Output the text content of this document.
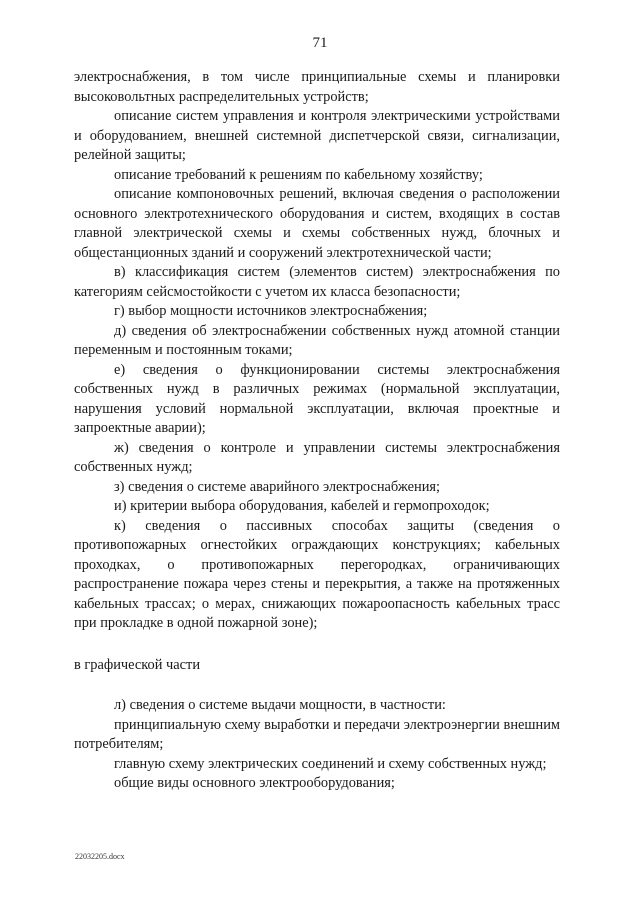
71

электроснабжения, в том числе принципиальные схемы и планировки высоковольтных распределительных устройств;

описание систем управления и контроля электрическими устройствами и оборудованием, внешней системной диспетчерской связи, сигнализации, релейной защиты;

описание требований к решениям по кабельному хозяйству;

описание компоновочных решений, включая сведения о расположении основного электротехнического оборудования и систем, входящих в состав главной электрической схемы и схемы собственных нужд, блочных и общестанционных зданий и сооружений электротехнической части;

в) классификация систем (элементов систем) электроснабжения по категориям сейсмостойкости с учетом их класса безопасности;

г) выбор мощности источников электроснабжения;

д) сведения об электроснабжении собственных нужд атомной станции переменным и постоянным токами;

е) сведения о функционировании системы электроснабжения собственных нужд в различных режимах (нормальной эксплуатации, нарушения условий нормальной эксплуатации, включая проектные и запроектные аварии);

ж) сведения о контроле и управлении системы электроснабжения собственных нужд;

з) сведения о системе аварийного электроснабжения;

и) критерии выбора оборудования, кабелей и гермопроходок;

к) сведения о пассивных способах защиты (сведения о противопожарных огнестойких ограждающих конструкциях; кабельных проходках, о противопожарных перегородках, ограничивающих распространение пожара через стены и перекрытия, а также на протяженных кабельных трассах; о мерах, снижающих пожароопасность кабельных трасс при прокладке в одной пожарной зоне);

в графической части

л) сведения о системе выдачи мощности, в частности:

принципиальную схему выработки и передачи электроэнергии внешним потребителям;

главную схему электрических соединений и схему собственных нужд;

общие виды основного электрооборудования;

22032205.docx
